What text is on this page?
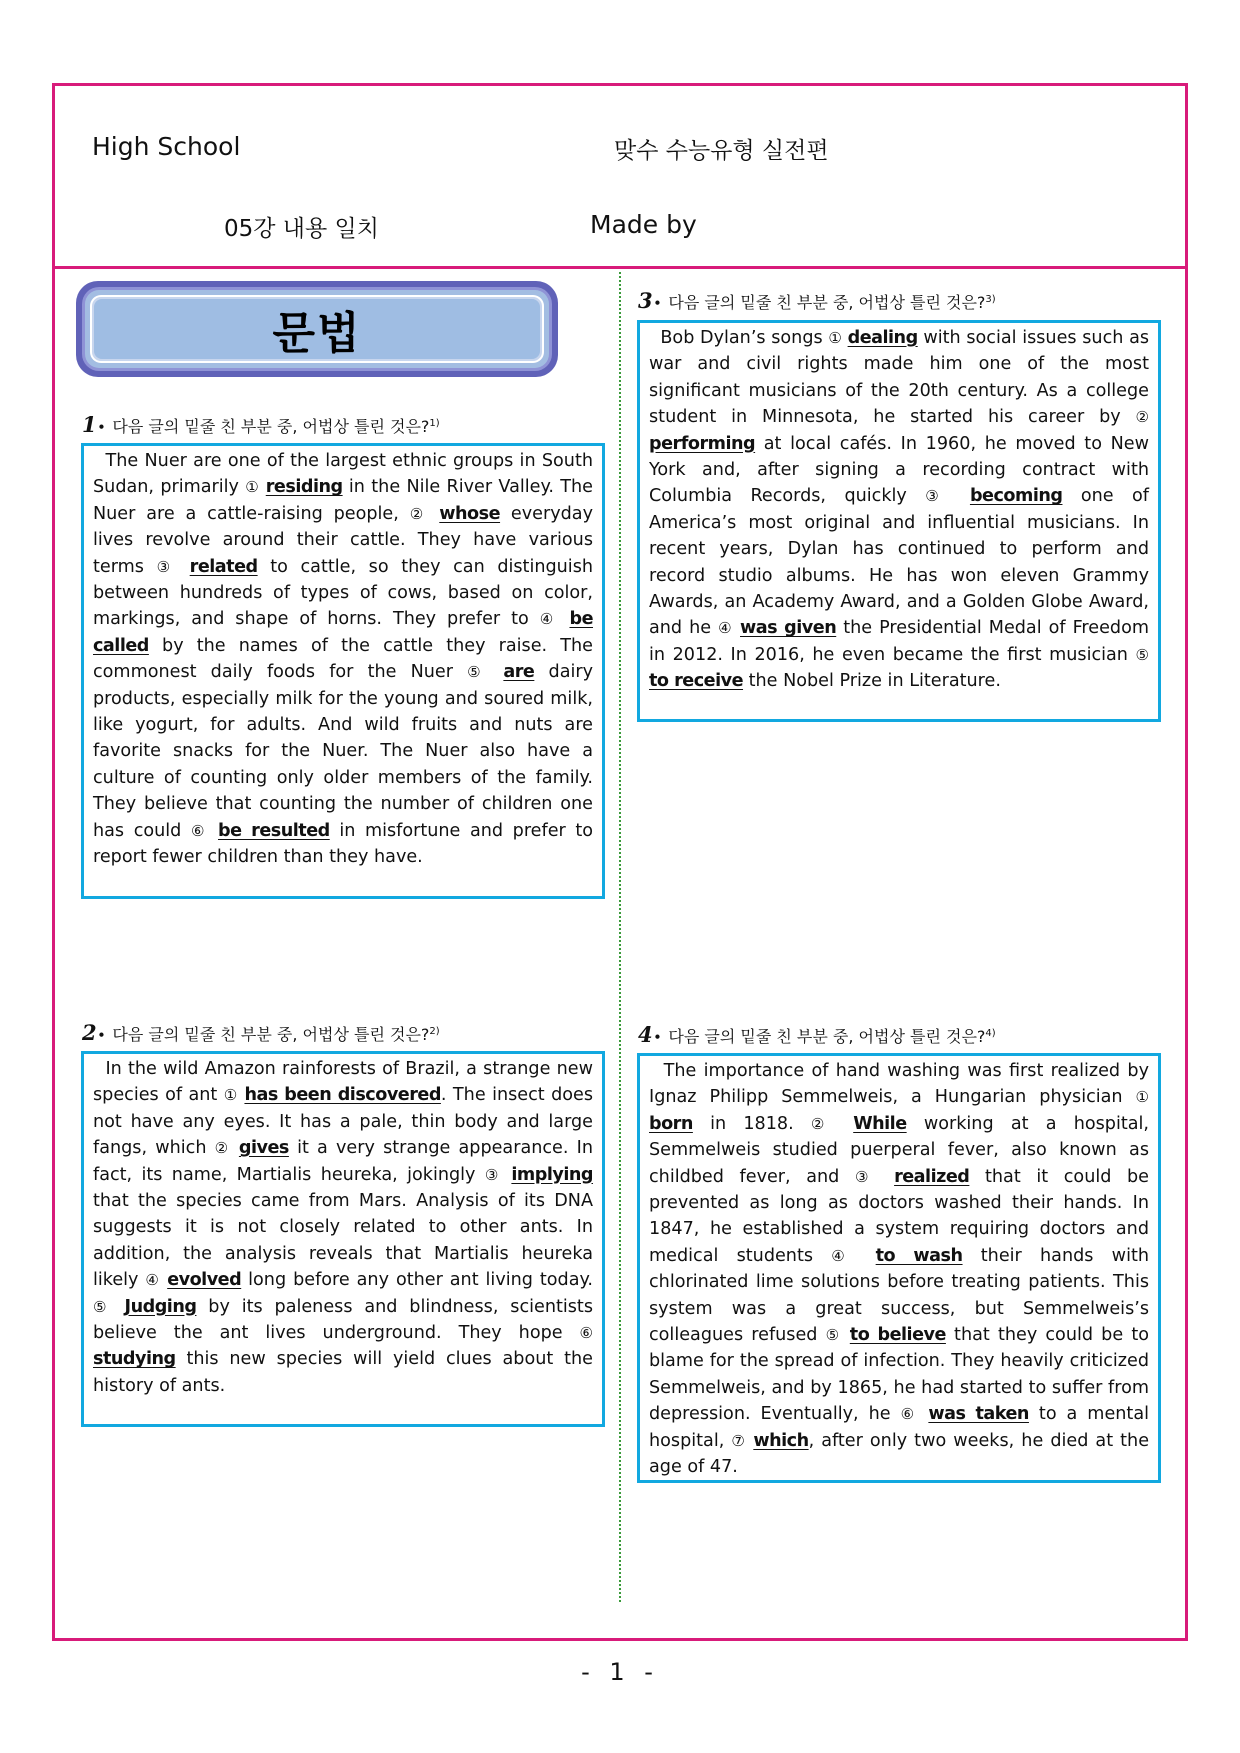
High School	맞수 수능유형 실전편
05강 내용 일치	Made by
문법
1 • 다음 글의 밑줄 친 부분 중, 어법상 틀린 것은?$^{1)}$
The Nuer are one of the largest ethnic groups in South Sudan, primarily ① residing in the Nile River Valley. The Nuer are a cattle-raising people, ② whose everyday lives revolve around their cattle. They have various terms ③ related to cattle, so they can distinguish between hundreds of types of cows, based on color, markings, and shape of horns. They prefer to ④ be called by the names of the cattle they raise. The commonest daily foods for the Nuer ⑤ are dairy products, especially milk for the young and soured milk, like yogurt, for adults. And wild fruits and nuts are favorite snacks for the Nuer. The Nuer also have a culture of counting only older members of the family. They believe that counting the number of children one has could ⑥ be resulted in misfortune and prefer to report fewer children than they have.
2 • 다음 글의 밑줄 친 부분 중, 어법상 틀린 것은?$^{2)}$
In the wild Amazon rainforests of Brazil, a strange new species of ant ① has been discovered. The insect does not have any eyes. It has a pale, thin body and large fangs, which ② gives it a very strange appearance. In fact, its name, Martialis heureka, jokingly ③ implying that the species came from Mars. Analysis of its DNA suggests it is not closely related to other ants. In addition, the analysis reveals that Martialis heureka likely ④ evolved long before any other ant living today. ⑤ Judging by its paleness and blindness, scientists believe the ant lives underground. They hope ⑥ studying this new species will yield clues about the history of ants.
3 • 다음 글의 밑줄 친 부분 중, 어법상 틀린 것은?$^{3)}$
Bob Dylan’s songs ① dealing with social issues such as war and civil rights made him one of the most significant musicians of the 20th century. As a college student in Minnesota, he started his career by ② performing at local cafés. In 1960, he moved to New York and, after signing a recording contract with Columbia Records, quickly ③ becoming one of America’s most original and influential musicians. In recent years, Dylan has continued to perform and record studio albums. He has won eleven Grammy Awards, an Academy Award, and a Golden Globe Award, and he ④ was given the Presidential Medal of Freedom in 2012. In 2016, he even became the first musician ⑤ to receive the Nobel Prize in Literature.
4 • 다음 글의 밑줄 친 부분 중, 어법상 틀린 것은?$^{4)}$
The importance of hand washing was first realized by Ignaz Philipp Semmelweis, a Hungarian physician ① born in 1818. ② While working at a hospital, Semmelweis studied puerperal fever, also known as childbed fever, and ③ realized that it could be prevented as long as doctors washed their hands. In 1847, he established a system requiring doctors and medical students ④ to wash their hands with chlorinated lime solutions before treating patients. This system was a great success, but Semmelweis’s colleagues refused ⑤ to believe that they could be to blame for the spread of infection. They heavily criticized Semmelweis, and by 1865, he had started to suffer from depression. Eventually, he ⑥ was taken to a mental hospital, ⑦ which, after only two weeks, he died at the age of 47.
- 1 -
